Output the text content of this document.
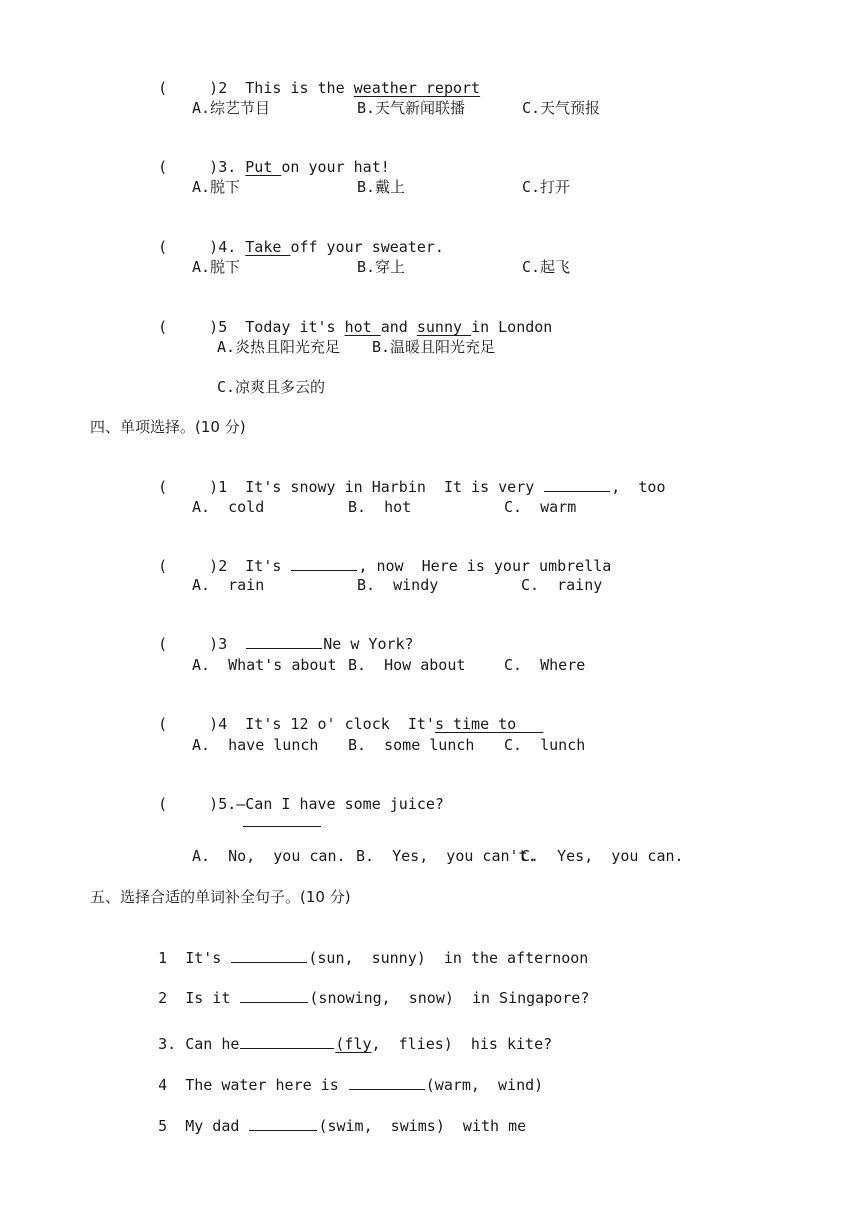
(	)2 This is the weather report

A.综艺节目	B.天气新闻联播	C.天气预报

(	)3. Put on your hat!

A.脱下	B.戴上	C.打开

(	)4. Take off your sweater.

A.脱下	B.穿上	C.起飞

(	)5 Today it's hot and sunny in London

A.炎热且阳光充足 B.温暖且阳光充足
C.凉爽且多云的
四、单项选择。(10 分)

(	)1 It's snowy in Harbin  It is very	,  too

A.  cold	B.  hot	C.  warm

(	)2 It's	, now  Here is your umbrella

A.  rain	B.  windy	C.  rainy

(	)3	Ne w York?

A.  What's about B.  How about	C.  Where

(	)4 It's 12 o' clock  It's time to

A.  have lunch B.  some lunch C.  lunch

(	)5.—Can I have some juice?

A.  No,  you can. B.  Yes,  you can't.
C.  Yes,  you can.
五、选择合适的单词补全句子。(10 分)

1 It's	(sun,  sunny)  in the afternoon

2 Is it	(snowing,  snow)  in Singapore?

3. Can he	(fly,  flies)  his kite?

4 The water here is	(warm,  wind)

5 My dad	(swim,  swims)  with me
